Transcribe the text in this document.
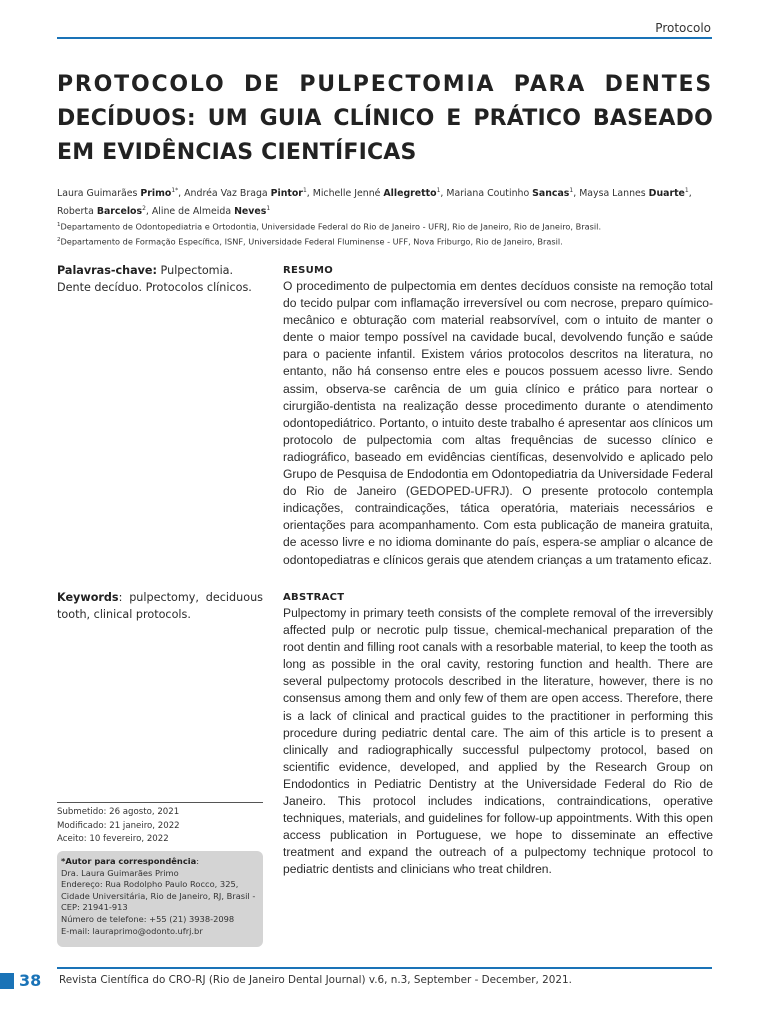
Protocolo
PROTOCOLO DE PULPECTOMIA PARA DENTES
DECÍDUOS: UM GUIA CLÍNICO E PRÁTICO BASEADO EM EVIDÊNCIAS CIENTÍFICAS
Laura Guimarães Primo$^{1*}$, Andréa Vaz Braga Pintor$^1$, Michelle Jenné Allegretto$^1$, Mariana Coutinho Sancas$^1$, Maysa Lannes Duarte$^1$, Roberta Barcelos$^2$, Aline de Almeida Neves$^1$
$^1$Departamento de Odontopediatria e Ortodontia, Universidade Federal do Rio de Janeiro - UFRJ, Rio de Janeiro, Rio de Janeiro, Brasil.
$^2$Departamento de Formação Específica, ISNF, Universidade Federal Fluminense - UFF, Nova Friburgo, Rio de Janeiro, Brasil.
Palavras-chave: Pulpectomia. Dente decíduo. Protocolos clínicos.
RESUMO

O procedimento de pulpectomia em dentes decíduos consiste na remoção total do tecido pulpar com inflamação irreversível ou com necrose, preparo químico-mecânico e obturação com material reabsorvível, com o intuito de manter o dente o maior tempo possível na cavidade bucal, devolvendo função e saúde para o paciente infantil. Existem vários protocolos descritos na literatura, no entanto, não há consenso entre eles e poucos possuem acesso livre. Sendo assim, observa-se carência de um guia clínico e prático para nortear o cirurgião-dentista na realização desse procedimento durante o atendimento odontopediátrico. Portanto, o intuito deste trabalho é apresentar aos clínicos um protocolo de pulpectomia com altas frequências de sucesso clínico e radiográfico, baseado em evidências científicas, desenvolvido e aplicado pelo Grupo de Pesquisa de Endodontia em Odontopediatria da Universidade Federal do Rio de Janeiro (GEDOPED-UFRJ). O presente protocolo contempla indicações, contraindicações, tática operatória, materiais necessários e orientações para acompanhamento. Com esta publicação de maneira gratuita, de acesso livre e no idioma dominante do país, espera-se ampliar o alcance de odontopediatras e clínicos gerais que atendem crianças a um tratamento eficaz.

Keywords: pulpectomy, deciduous tooth, clinical protocols.
ABSTRACT

Pulpectomy in primary teeth consists of the complete removal of the irreversibly affected pulp or necrotic pulp tissue, chemical-mechanical preparation of the root dentin and filling root canals with a resorbable material, to keep the tooth as long as possible in the oral cavity, restoring function and health. There are several pulpectomy protocols described in the literature, however, there is no consensus among them and only few of them are open access. Therefore, there is a lack of clinical and practical guides to the practitioner in performing this procedure during pediatric dental care. The aim of this article is to present a clinically and radiographically successful pulpectomy protocol, based on scientific evidence, developed, and applied by the Research Group on Endodontics in Pediatric Dentistry at the Universidade Federal do Rio de Janeiro. This protocol includes indications, contraindications, operative techniques, materials, and guidelines for follow-up appointments. With this open access publication in Portuguese, we hope to disseminate an effective treatment and expand the outreach of a pulpectomy technique protocol to pediatric dentists and clinicians who treat children.

Submetido: 26 agosto, 2021
Modificado: 21 janeiro, 2022
Aceito: 10 fevereiro, 2022
*Autor para correspondência:
Dra. Laura Guimarães Primo
Endereço: Rua Rodolpho Paulo Rocco, 325, Cidade Universitária, Rio de Janeiro, RJ, Brasil - CEP: 21941-913
Número de telefone: +55 (21) 3938-2098
E-mail: lauraprimo@odonto.ufrj.br
38 Revista Científica do CRO-RJ (Rio de Janeiro Dental Journal) v.6, n.3, September - December, 2021.
